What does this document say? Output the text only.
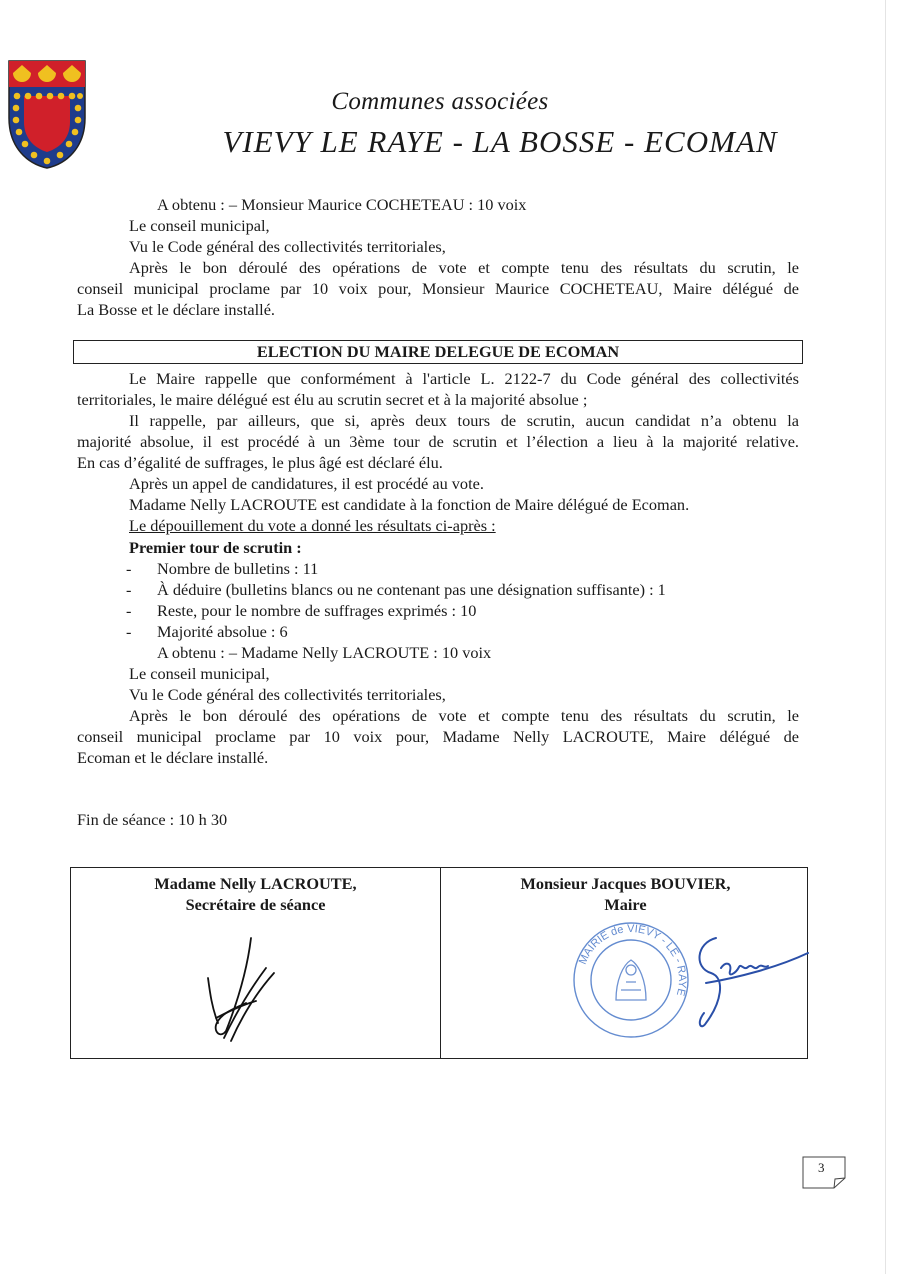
Communes associées
VIEVY LE RAYE - LA BOSSE - ECOMAN
A obtenu : – Monsieur Maurice COCHETEAU : 10 voix
Le conseil municipal,
Vu le Code général des collectivités territoriales,
Après le bon déroulé des opérations de vote et compte tenu des résultats du scrutin, le
conseil municipal proclame par 10 voix pour, Monsieur Maurice COCHETEAU, Maire délégué de
La Bosse et le déclare installé.
ELECTION DU MAIRE DELEGUE DE ECOMAN
Le Maire rappelle que conformément à l'article L. 2122-7 du Code général des collectivités
territoriales, le maire délégué est élu au scrutin secret et à la majorité absolue ;
Il rappelle, par ailleurs, que si, après deux tours de scrutin, aucun candidat n’a obtenu la
majorité absolue, il est procédé à un 3ème tour de scrutin et l’élection a lieu à la majorité relative.
En cas d’égalité de suffrages, le plus âgé est déclaré élu.
Après un appel de candidatures, il est procédé au vote.
Madame Nelly LACROUTE est candidate à la fonction de Maire délégué de Ecoman.
Le dépouillement du vote a donné les résultats ci-après :
Premier tour de scrutin :
- Nombre de bulletins : 11
- À déduire (bulletins blancs ou ne contenant pas une désignation suffisante) : 1
- Reste, pour le nombre de suffrages exprimés : 10
- Majorité absolue : 6
A obtenu : – Madame Nelly LACROUTE : 10 voix
Le conseil municipal,
Vu le Code général des collectivités territoriales,
Après le bon déroulé des opérations de vote et compte tenu des résultats du scrutin, le
conseil municipal proclame par 10 voix pour, Madame Nelly LACROUTE, Maire délégué de
Ecoman et le déclare installé.
Fin de séance : 10 h 30
Madame Nelly LACROUTE,
Secrétaire de séance
Monsieur Jacques BOUVIER,
Maire
MAIRIE de VIEVY - LE - RAYE
3
